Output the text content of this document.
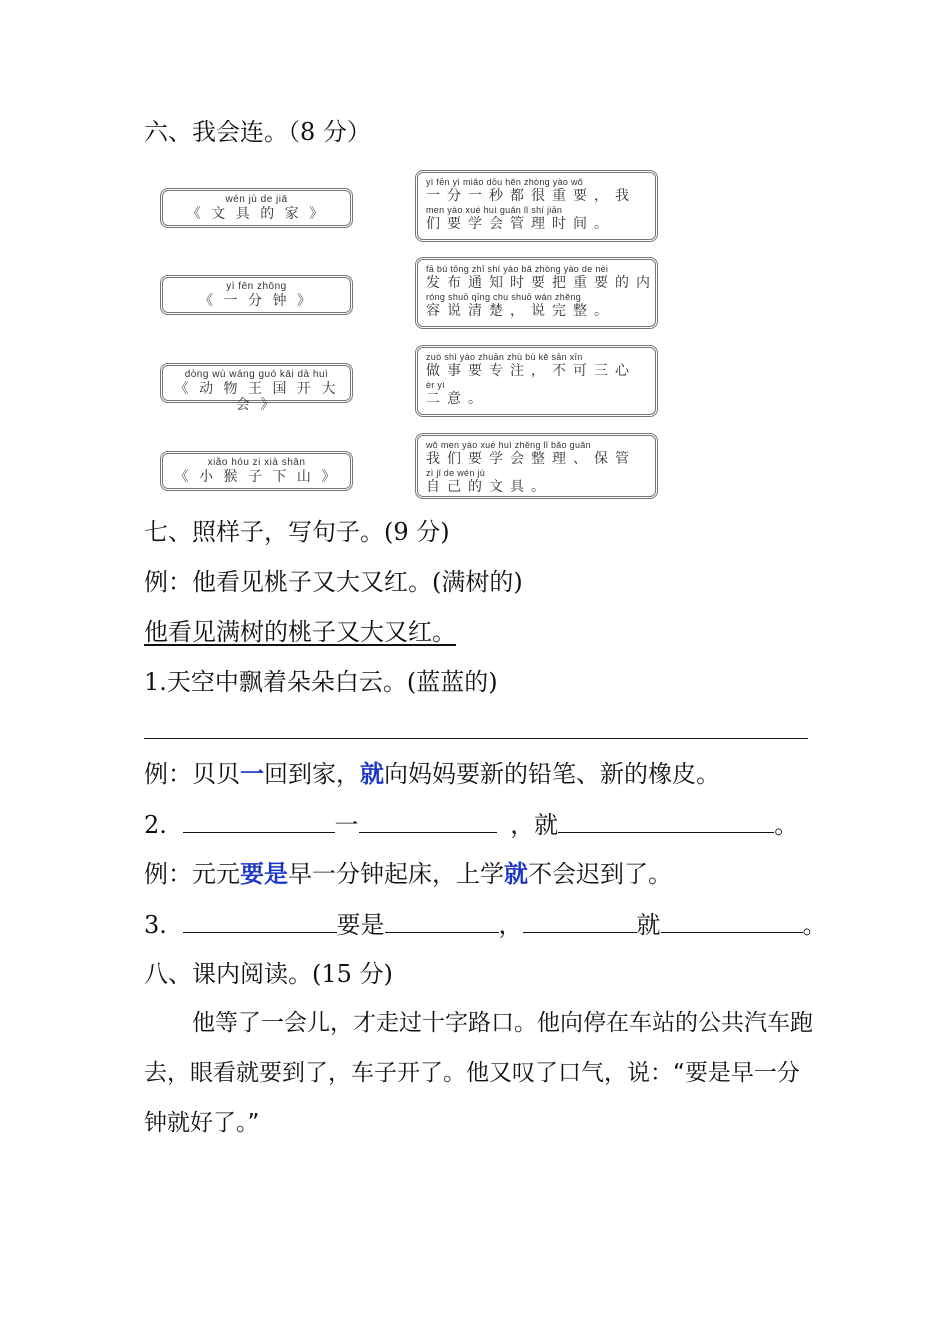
六、我会连。（8 分）
wén jù de jiā
《 文 具 的 家 》
yì fēn zhōng
《 一 分 钟 》
dòng wù wáng guó kāi dà huì
《 动 物 王 国 开 大 会 》
xiǎo hóu zi xià shān
《 小 猴 子 下 山 》
yì fēn yì miǎo dōu hěn zhòng yào wǒ
一分一秒都很重要，我
men yào xué huì guǎn lǐ shí jiān
们要学会管理时间。
fā bù tōng zhī shí yào bǎ zhòng yào de nèi
发布通知时要把重要的内
róng shuō qīng chu shuō wán zhěng
容说清楚，说完整。
zuò shì yào zhuān zhù bù kě sān xīn
做事要专注，不可三心
èr yì
二意。
wǒ men yào xué huì zhěng lǐ bǎo guǎn
我们要学会整理、保管
zì jǐ de wén jù
自己的文具。
七、照样子，写句子。(9 分)
例：他看见桃子又大又红。(满树的)
他看见满树的桃子又大又红。
1.天空中飘着朵朵白云。(蓝蓝的)
例：贝贝一回到家，就向妈妈要新的铅笔、新的橡皮。
2.	一	，就	。
例：元元要是早一分钟起床，上学就不会迟到了。
3.	要是	，	就	。
八、课内阅读。(15 分)
他等了一会儿，才走过十字路口。他向停在车站的公共汽车跑去，眼看就要到了，车子开了。他又叹了口气，说：“要是早一分钟就好了。”
